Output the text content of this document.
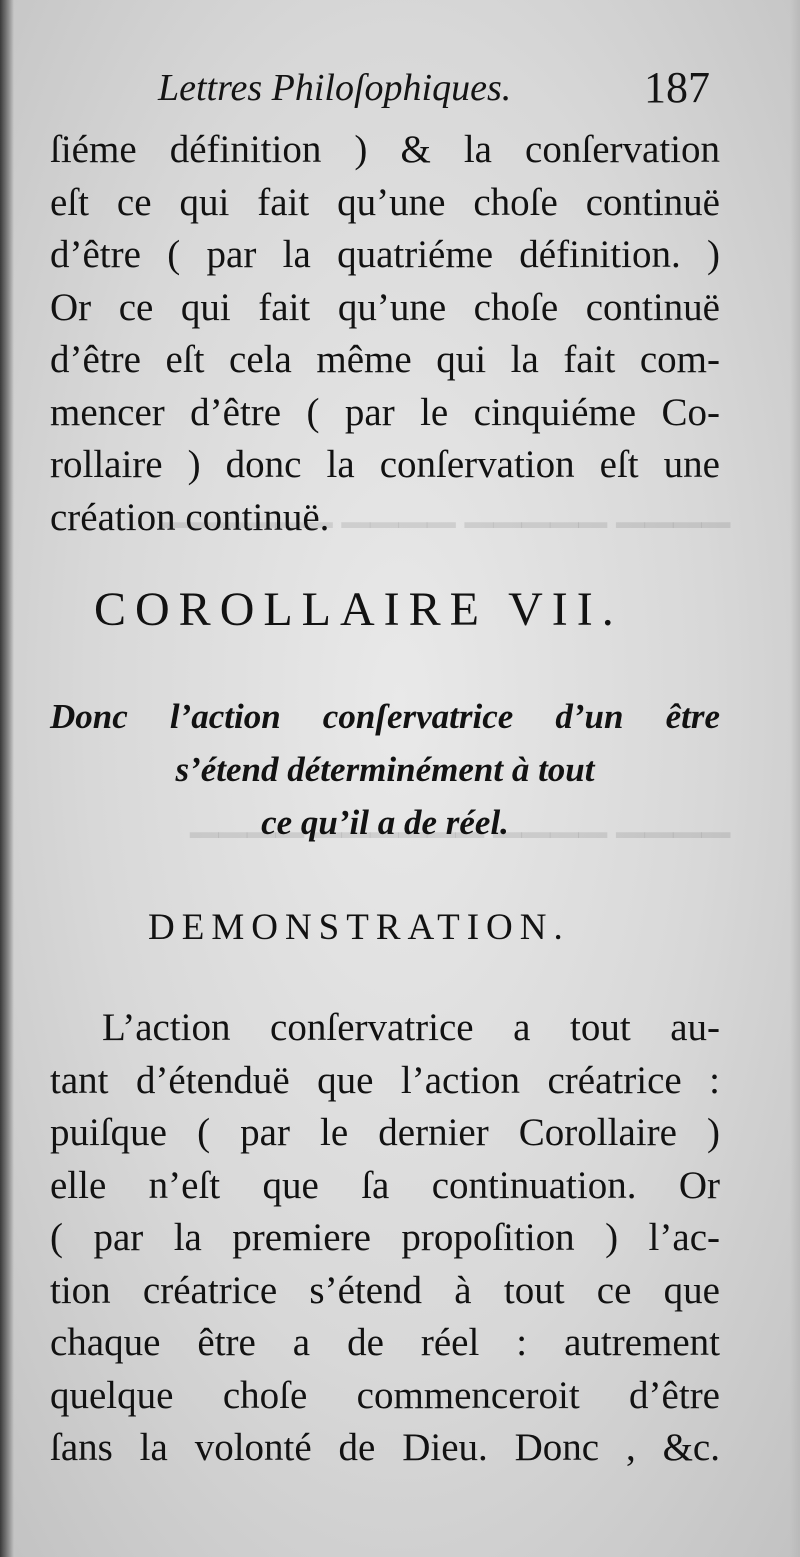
▔▔▔▔ ▔▔▔▔▔ ▔▔▔▔ ▔▔▔▔▔▔
▔▔▔▔ ▔▔▔▔ ▔▔▔▔▔▔ ▔▔▔▔
Lettres Philoſophiques.	187
ſiéme définition ) & la conſervation
eſt ce qui fait qu’une choſe continuë
d’être ( par la quatriéme définition. )
Or ce qui fait qu’une choſe continuë
d’être eſt cela même qui la fait com-
mencer d’être ( par le cinquiéme Co-
rollaire ) donc la conſervation eſt une
création continuë.
COROLLAIRE VII.
Donc l’action conſervatrice d’un être
s’étend déterminément à tout
ce qu’il a de réel.
DEMONSTRATION.
L’action conſervatrice a tout au-
tant d’étenduë que l’action créatrice :
puiſque ( par le dernier Corollaire )
elle n’eſt que ſa continuation. Or
( par la premiere propoſition ) l’ac-
tion créatrice s’étend à tout ce que
chaque être a de réel : autrement
quelque choſe commenceroit d’être
ſans la volonté de Dieu. Donc , &c.
